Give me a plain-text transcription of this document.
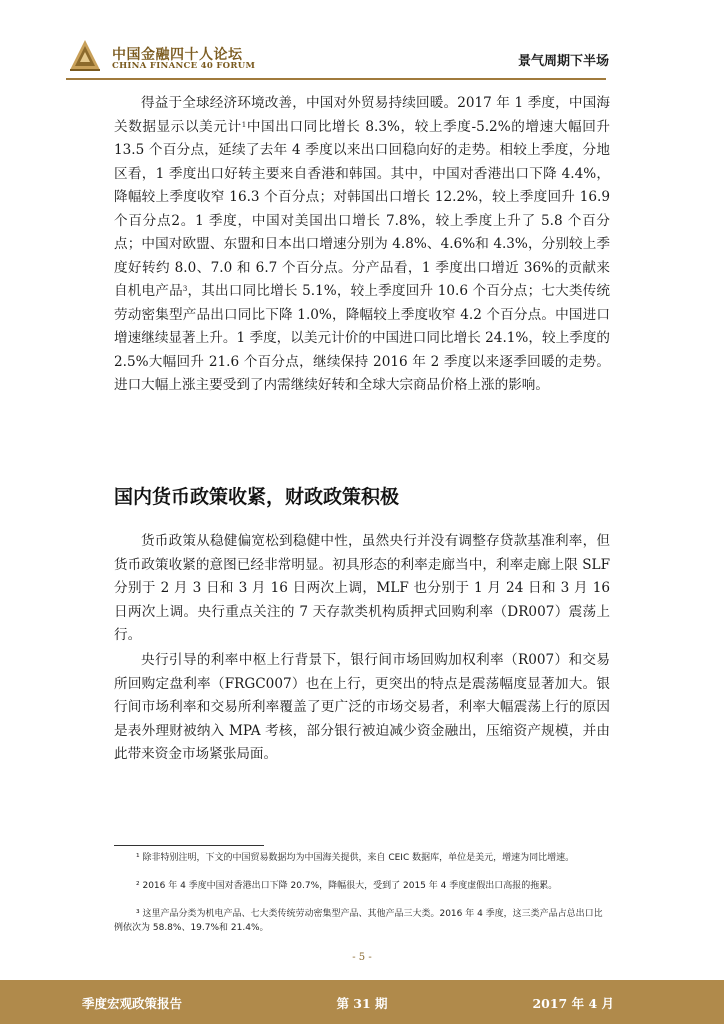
中国金融四十人论坛
CHINA FINANCE 40 FORUM	景气周期下半场

得益于全球经济环境改善，中国对外贸易持续回暖。2017 年 1 季度，中国海关数据显示以美元计$^1$中国出口同比增长 8.3%，较上季度-5.2%的增速大幅回升 13.5 个百分点，延续了去年 4 季度以来出口回稳向好的走势。相较上季度，分地区看，1 季度出口好转主要来自香港和韩国。其中，中国对香港出口下降 4.4%，降幅较上季度收窄 16.3 个百分点；对韩国出口增长 12.2%，较上季度回升 16.9 个百分点2。1 季度，中国对美国出口增长 7.8%，较上季度上升了 5.8 个百分点；中国对欧盟、东盟和日本出口增速分别为 4.8%、4.6%和 4.3%，分别较上季度好转约 8.0、7.0 和 6.7 个百分点。分产品看，1 季度出口增近 36%的贡献来自机电产品$^3$，其出口同比增长 5.1%，较上季度回升 10.6 个百分点；七大类传统劳动密集型产品出口同比下降 1.0%，降幅较上季度收窄 4.2 个百分点。中国进口增速继续显著上升。1 季度，以美元计价的中国进口同比增长 24.1%，较上季度的 2.5%大幅回升 21.6 个百分点，继续保持 2016 年 2 季度以来逐季回暖的走势。进口大幅上涨主要受到了内需继续好转和全球大宗商品价格上涨的影响。

国内货币政策收紧，财政政策积极

货币政策从稳健偏宽松到稳健中性，虽然央行并没有调整存贷款基准利率，但货币政策收紧的意图已经非常明显。初具形态的利率走廊当中，利率走廊上限 SLF 分别于 2 月 3 日和 3 月 16 日两次上调，MLF 也分别于 1 月 24 日和 3 月 16 日两次上调。央行重点关注的 7 天存款类机构质押式回购利率（DR007）震荡上行。

央行引导的利率中枢上行背景下，银行间市场回购加权利率（R007）和交易所回购定盘利率（FRGC007）也在上行，更突出的特点是震荡幅度显著加大。银行间市场利率和交易所利率覆盖了更广泛的市场交易者，利率大幅震荡上行的原因是表外理财被纳入 MPA 考核，部分银行被迫减少资金融出，压缩资产规模，并由此带来资金市场紧张局面。

¹ 除非特别注明，下文的中国贸易数据均为中国海关提供，来自 CEIC 数据库，单位是美元，增速为同比增速。

² 2016 年 4 季度中国对香港出口下降 20.7%，降幅很大，受到了 2015 年 4 季度虚假出口高报的拖累。

³ 这里产品分类为机电产品、七大类传统劳动密集型产品、其他产品三大类。2016 年 4 季度，这三类产品占总出口比例依次为 58.8%、19.7%和 21.4%。

- 5 -
季度宏观政策报告	第 31 期	2017 年 4 月
